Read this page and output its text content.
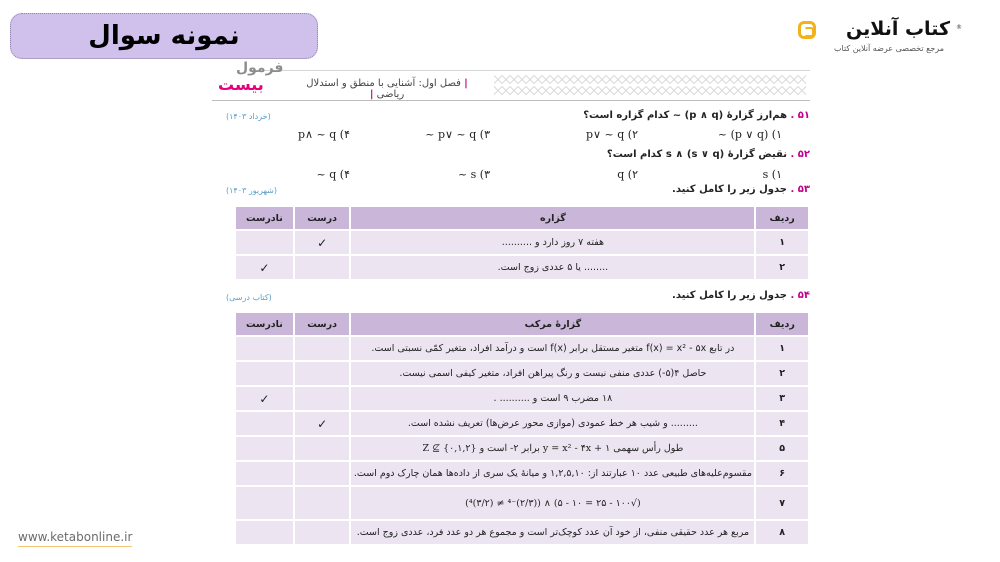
نمونه سوال	®
کتاب آنلاین
مرجع تخصصی عرضه آنلاین کتاب
فرمول
بیست	| فصل اول: آشنایی با منطق و استدلال ریاضی |
۵۱ . هم‌ارز گزارهٔ (p ∧ q) ~ کدام گزاره است؟
(خرداد ۱۴۰۳)
~ (p ∨ q) (۱
p∨ ~ q (۲
~ p∨ ~ q (۳
p∧ ~ q (۴
۵۲ . نقیض گزارهٔ (s ∨ q) ∧ s کدام است؟
s (۱
q (۲
~ s (۳
~ q (۴
۵۳ . جدول زیر را کامل کنید.
(شهریور ۱۴۰۳)
ردیف	گزاره	درست	نادرست
۱	هفته ۷ روز دارد و ..........	✓	
۲	........ یا ۵ عددی زوج است.		✓
۵۴ . جدول زیر را کامل کنید.
(کتاب درسی)
ردیف	گزارهٔ مرکب	درست	نادرست
۱	در تابع f(x) = x² - ۵x متغیر مستقل برابر f(x) است و درآمد افراد، متغیر کمّی نسبتی است.		
۲	حاصل ۴(۵-) عددی منفی نیست و رنگ پیراهن افراد، متغیر کیفی اسمی نیست.		
۳	۱۸ مضرب ۹ است و .......... .		✓
۴	......... و شیب هر خط عمودی (موازی محور عرض‌ها) تعریف نشده است.	✓	
۵	طول رأس سهمی y = x² - ۴x + ۱ برابر ۲- است و Z ⊈ {۰,۱,۲}		
۶	مقسوم‌علیه‌های طبیعی عدد ۱۰ عبارتند از: ۱,۲,۵,۱۰ و میانهٔ یک سری از داده‌ها همان چارک دوم است.		
۷	(√۱۰۰ - ۲۵ = ۱۰ - ۵) ∧ ((۲/۳)⁻⁴ ≠ (۳/۲)⁴)		
۸	مربع هر عدد حقیقی منفی، از خود آن عدد کوچک‌تر است و مجموع هر دو عدد فرد، عددی زوج است.		
www.ketabonline.ir
